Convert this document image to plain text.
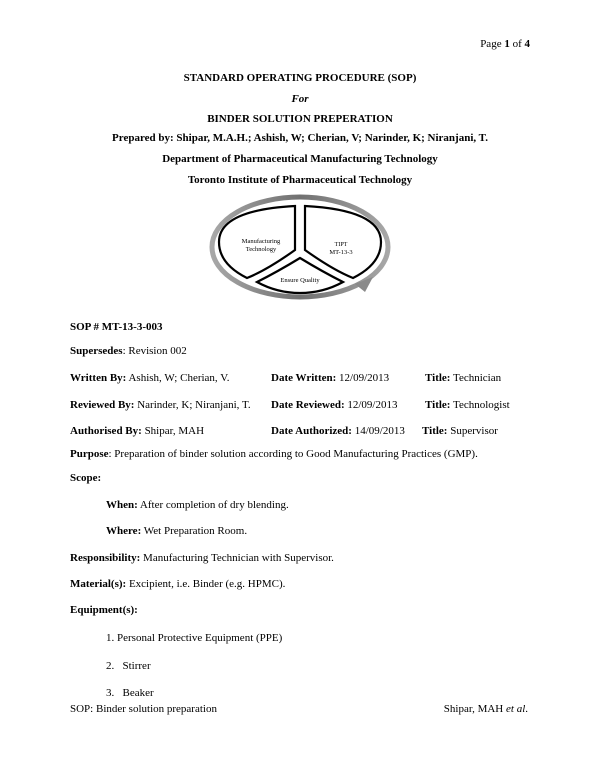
Page 1 of 4
STANDARD OPERATING PROCEDURE (SOP)
For
BINDER SOLUTION PREPERATION
Prepared by: Shipar, M.A.H.; Ashish, W; Cherian, V; Narinder, K; Niranjani, T.
Department of Pharmaceutical Manufacturing Technology
Toronto Institute of Pharmaceutical Technology
Manufacturing
Technology
TIPT
MT-13-3
Ensure Quality
SOP # MT-13-3-003
Supersedes: Revision 002
Written By: Ashish, W; Cherian, V.	Date Written: 12/09/2013	Title: Technician
Reviewed By: Narinder, K; Niranjani, T. Date Reviewed: 12/09/2013	Title: Technologist
Authorised By: Shipar, MAH	Date Authorized: 14/09/2013 Title: Supervisor
Purpose: Preparation of binder solution according to Good Manufacturing Practices (GMP).
Scope:
When: After completion of dry blending.
Where: Wet Preparation Room.
Responsibility: Manufacturing Technician with Supervisor.
Material(s): Excipient, i.e. Binder (e.g. HPMC).
Equipment(s):
1. Personal Protective Equipment (PPE)
2.   Stirrer
3.   Beaker
SOP: Binder solution preparation	Shipar, MAH et al.
